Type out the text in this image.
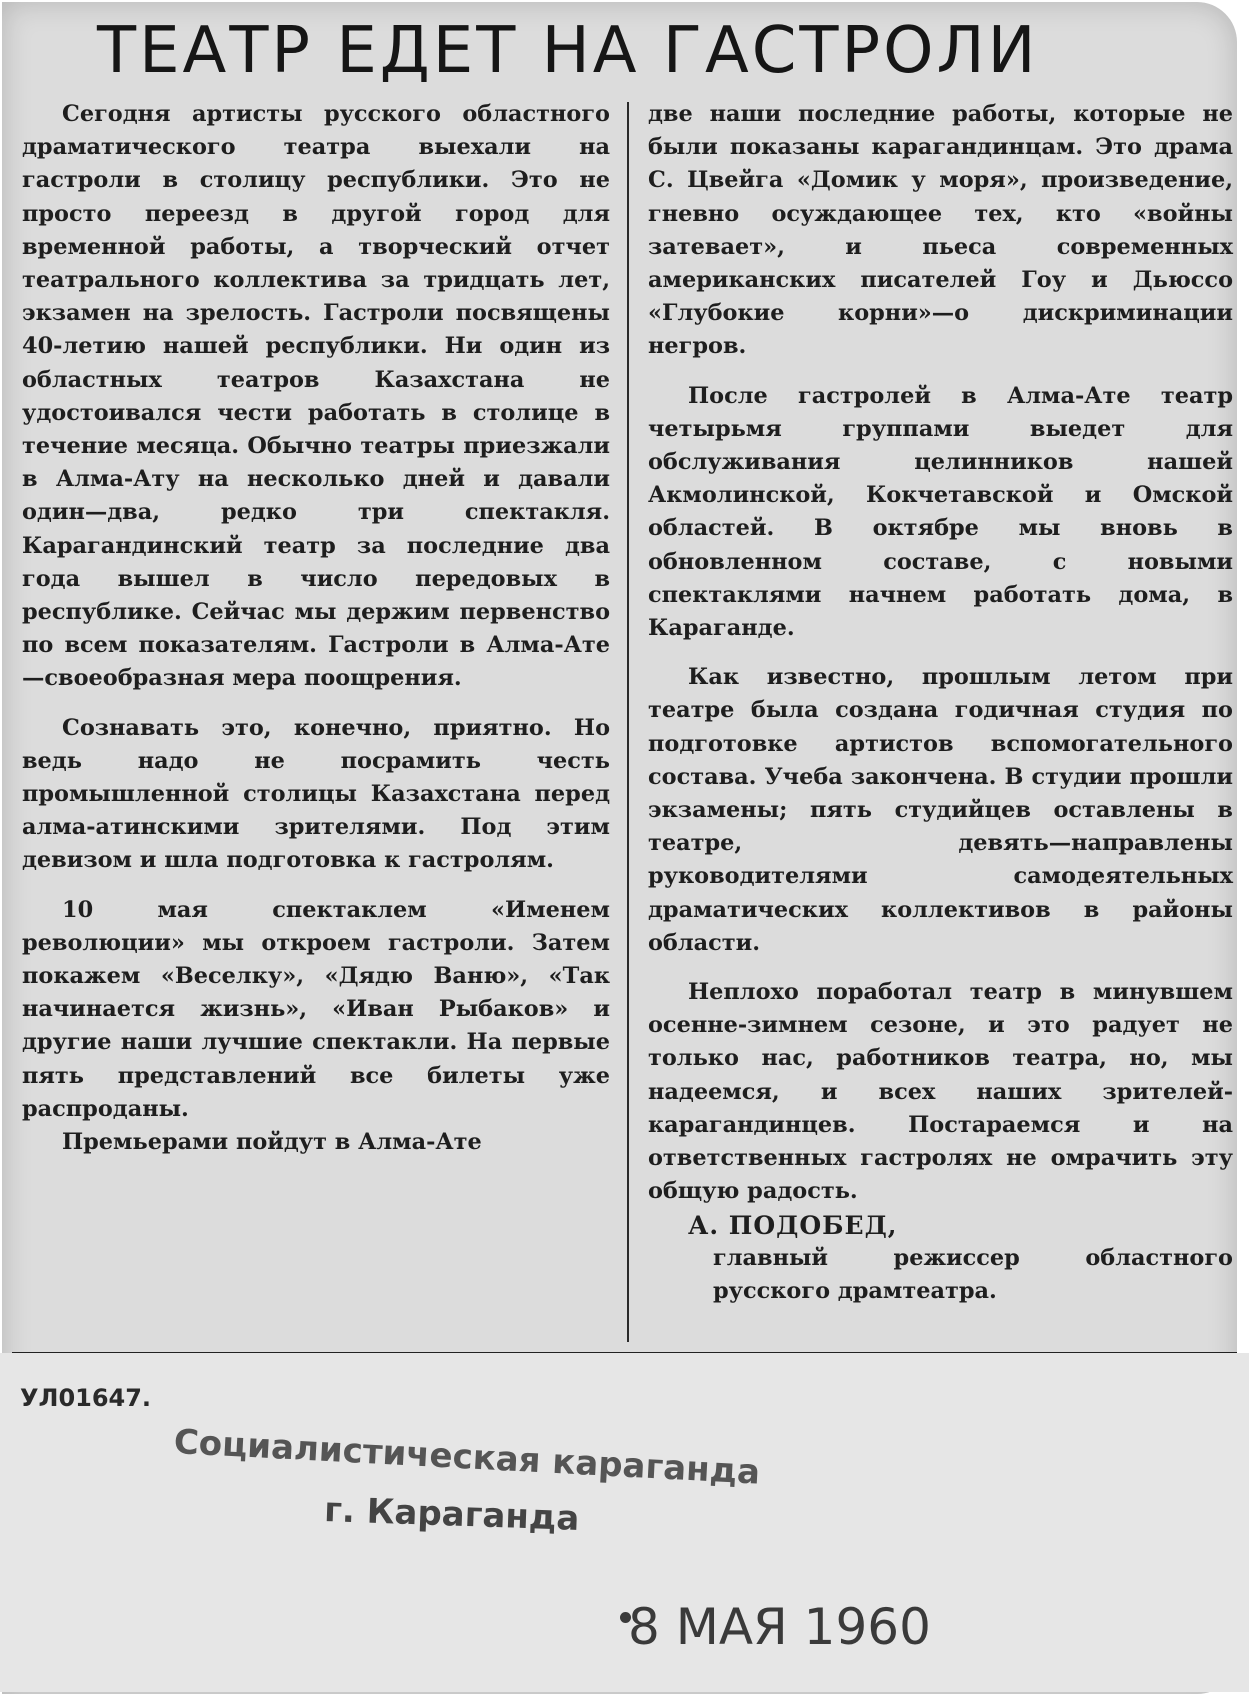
ТЕАТР ЕДЕТ НА ГАСТРОЛИ

Сегодня артисты русского областного драматического театра выехали на гастроли в столицу республики. Это не просто переезд в другой город для временной работы, а творческий отчет театрального коллектива за тридцать лет, экзамен на зрелость. Гастроли посвящены 40-летию нашей республики. Ни один из областных театров Казахстана не удостоивался чести работать в столице в течение месяца. Обычно театры приезжали в Алма-Ату на несколько дней и давали один—два, редко три спектакля. Карагандинский театр за последние два года вышел в число передовых в республике. Сейчас мы держим первенство по всем показателям. Гастроли в Алма-Ате—своеобразная мера поощрения.

Сознавать это, конечно, приятно. Но ведь надо не посрамить честь промышленной столицы Казахстана перед алма-атинскими зрителями. Под этим девизом и шла подготовка к гастролям.

10 мая спектаклем «Именем революции» мы откроем гастроли. Затем покажем «Веселку», «Дядю Ваню», «Так начинается жизнь», «Иван Рыбаков» и другие наши лучшие спектакли. На первые пять представлений все билеты уже распроданы.

Премьерами пойдут в Алма-Ате

две наши последние работы, которые не были показаны карагандинцам. Это драма С. Цвейга «Домик у моря», произведение, гневно осуждающее тех, кто «войны затевает», и пьеса современных американских писателей Гоу и Дьюссо «Глубокие корни»—о дискриминации негров.

После гастролей в Алма-Ате театр четырьмя группами выедет для обслуживания целинников нашей Акмолинской, Кокчетавской и Омской областей. В октябре мы вновь в обновленном составе, с новыми спектаклями начнем работать дома, в Караганде.

Как известно, прошлым летом при театре была создана годичная студия по подготовке артистов вспомогательного состава. Учеба закончена. В студии прошли экзамены; пять студийцев оставлены в театре, девять—направлены руководителями самодеятельных драматических коллективов в районы области.

Неплохо поработал театр в минувшем осенне-зимнем сезоне, и это радует не только нас, работников театра, но, мы надеемся, и всех наших зрителей-карагандинцев. Постараемся и на ответственных гастролях не омрачить эту общую радость.

А. ПОДОБЕД,

главный режиссер областного

русского драмтеатра.

УЛ01647.
Социалистическая караганда
г. Караганда
8 МАЯ 1960
